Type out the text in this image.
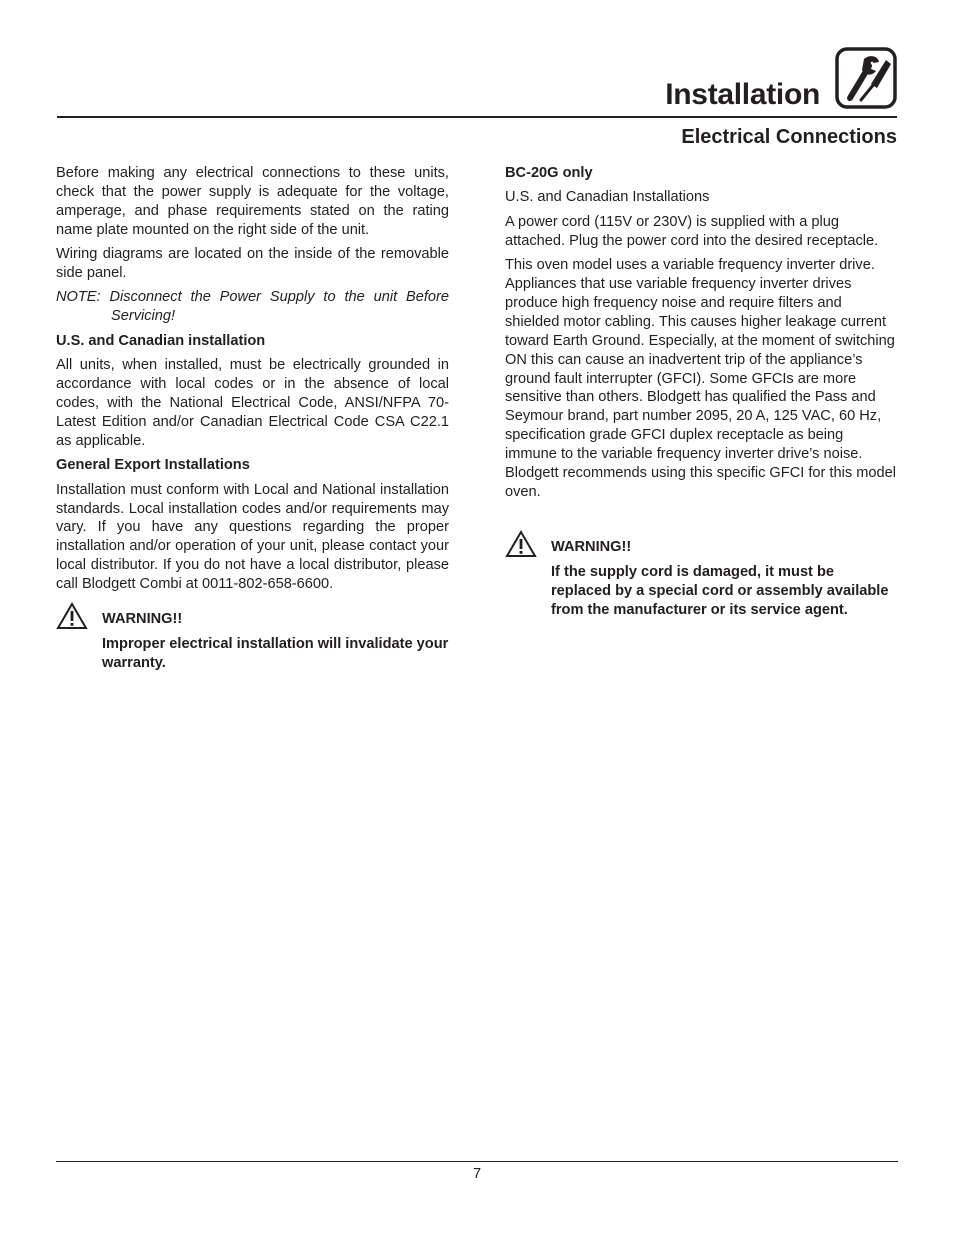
Installation
Electrical Connections

Before making any electrical connections to these units, check that the power supply is adequate for the voltage, amperage, and phase requirements stated on the rating name plate mounted on the right side of the unit.

Wiring diagrams are located on the inside of the removable side panel.

NOTE: Disconnect the Power Supply to the unit Before Servicing!

U.S. and Canadian installation

All units, when installed, must be electrically grounded in accordance with local codes or in the absence of local codes, with the National Electrical Code, ANSI/NFPA 70-Latest Edition and/or Canadian Electrical Code CSA C22.1 as applicable.

General Export Installations

Installation must conform with Local and National installation standards. Local installation codes and/or requirements may vary. If you have any questions regarding the proper installation and/or operation of your unit, please contact your local distributor. If you do not have a local distributor, please call Blodgett Combi at 0011-802-658-6600.

WARNING!!
Improper electrical installation will invalidate your warranty.
BC-20G only

U.S. and Canadian Installations

A power cord (115V or 230V) is supplied with a plug attached. Plug the power cord into the desired receptacle.

This oven model uses a variable frequency inverter drive. Appliances that use variable frequency inverter drives produce high frequency noise and require filters and shielded motor cabling. This causes higher leakage current toward Earth Ground. Especially, at the moment of switching ON this can cause an inadvertent trip of the appliance’s ground fault interrupter (GFCI). Some GFCIs are more sensitive than others. Blodgett has qualified the Pass and Seymour brand, part number 2095, 20 A, 125 VAC, 60 Hz, specification grade GFCI duplex receptacle as being immune to the variable frequency inverter drive’s noise. Blodgett recommends using this specific GFCI for this model oven.

WARNING!!
If the supply cord is damaged, it must be replaced by a special cord or assembly available from the manufacturer or its service agent.
7
